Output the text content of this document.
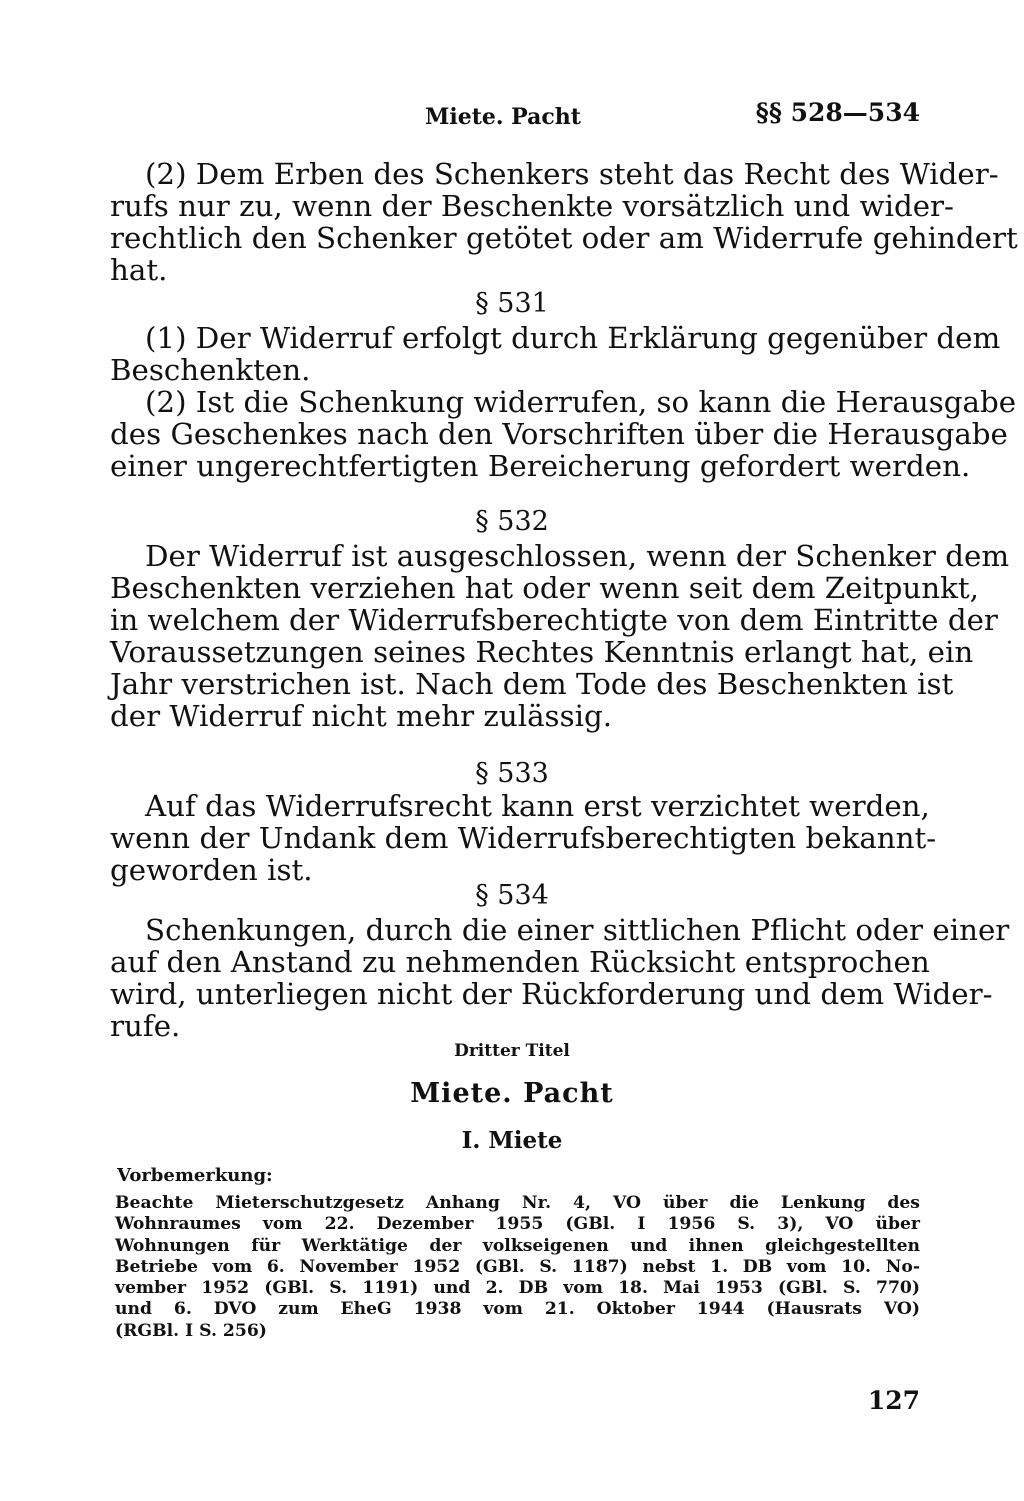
Miete. Pacht	§§ 528—534
(2) Dem Erben des Schenkers steht das Recht des Wider-
rufs nur zu, wenn der Beschenkte vorsätzlich und wider-
rechtlich den Schenker getötet oder am Widerrufe gehindert
hat.
§ 531
(1) Der Widerruf erfolgt durch Erklärung gegenüber dem
Beschenkten.
(2) Ist die Schenkung widerrufen, so kann die Herausgabe
des Geschenkes nach den Vorschriften über die Herausgabe
einer ungerechtfertigten Bereicherung gefordert werden.
§ 532
Der Widerruf ist ausgeschlossen, wenn der Schenker dem
Beschenkten verziehen hat oder wenn seit dem Zeitpunkt,
in welchem der Widerrufsberechtigte von dem Eintritte der
Voraussetzungen seines Rechtes Kenntnis erlangt hat, ein
Jahr verstrichen ist. Nach dem Tode des Beschenkten ist
der Widerruf nicht mehr zulässig.
§ 533
Auf das Widerrufsrecht kann erst verzichtet werden,
wenn der Undank dem Widerrufsberechtigten bekannt-
geworden ist.
§ 534
Schenkungen, durch die einer sittlichen Pflicht oder einer
auf den Anstand zu nehmenden Rücksicht entsprochen
wird, unterliegen nicht der Rückforderung und dem Wider-
rufe.
Dritter Titel
Miete. Pacht
I. Miete
Vorbemerkung:
Beachte Mieterschutzgesetz Anhang Nr. 4, VO über die Lenkung des
Wohnraumes vom 22. Dezember 1955 (GBl. I 1956 S. 3), VO über
Wohnungen für Werktätige der volkseigenen und ihnen gleichgestellten
Betriebe vom 6. November 1952 (GBl. S. 1187) nebst 1. DB vom 10. No-
vember 1952 (GBl. S. 1191) und 2. DB vom 18. Mai 1953 (GBl. S. 770)
und 6. DVO zum EheG 1938 vom 21. Oktober 1944 (Hausrats VO)
(RGBl. I S. 256)
127
